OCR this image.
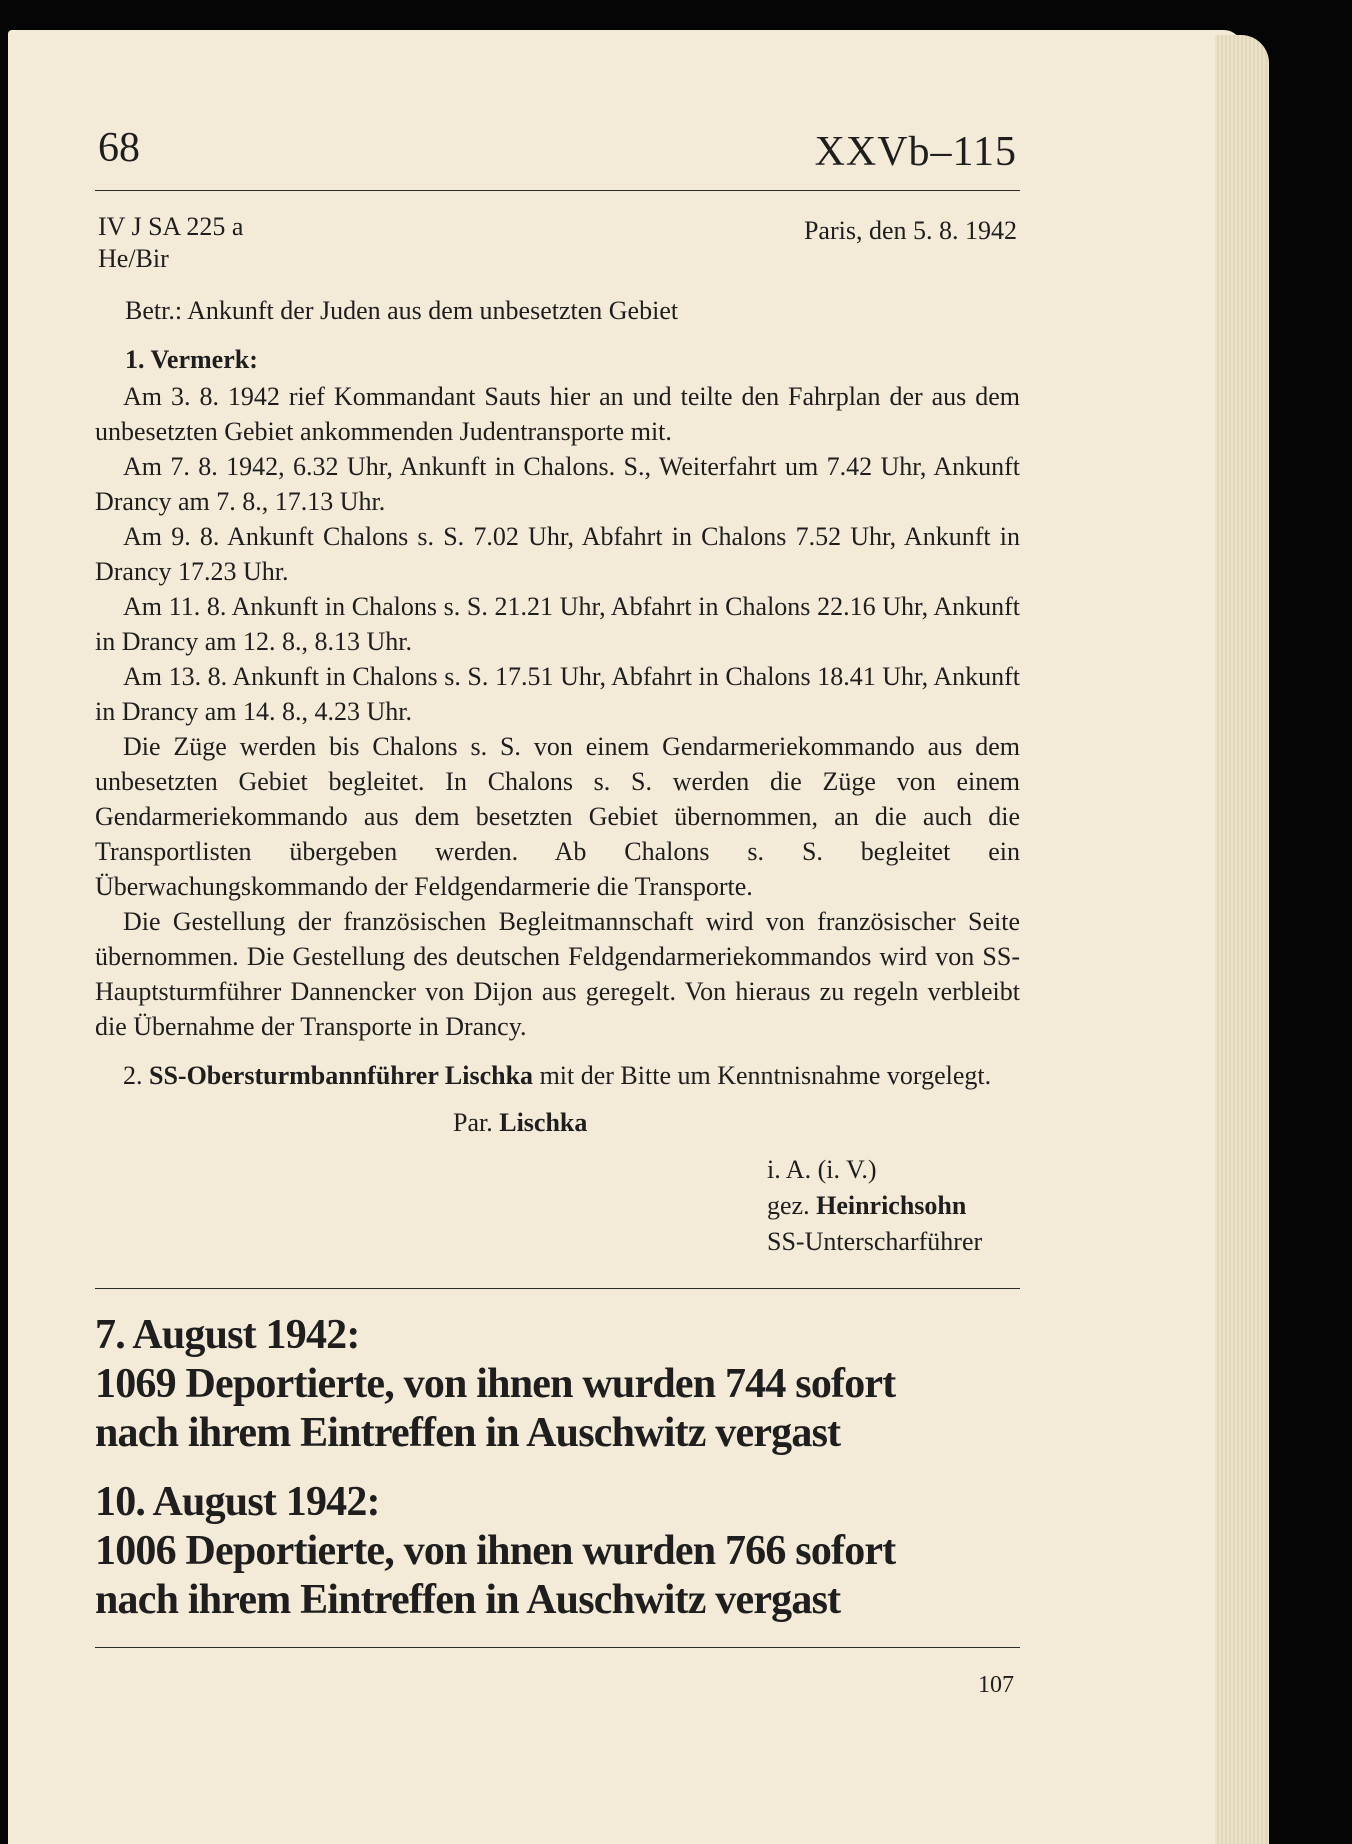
68	XXVb–115
IV J SA 225 a
He/Bir
Paris, den 5. 8. 1942

Betr.: Ankunft der Juden aus dem unbesetzten Gebiet

1. Vermerk:

Am 3. 8. 1942 rief Kommandant Sauts hier an und teilte den Fahrplan der aus dem unbesetzten Gebiet ankommenden Judentransporte mit.

Am 7. 8. 1942, 6.32 Uhr, Ankunft in Chalons. S., Weiterfahrt um 7.42 Uhr, Ankunft Drancy am 7. 8., 17.13 Uhr.

Am 9. 8. Ankunft Chalons s. S. 7.02 Uhr, Abfahrt in Chalons 7.52 Uhr, Ankunft in Drancy 17.23 Uhr.

Am 11. 8. Ankunft in Chalons s. S. 21.21 Uhr, Abfahrt in Chalons 22.16 Uhr, Ankunft in Drancy am 12. 8., 8.13 Uhr.

Am 13. 8. Ankunft in Chalons s. S. 17.51 Uhr, Abfahrt in Chalons 18.41 Uhr, Ankunft in Drancy am 14. 8., 4.23 Uhr.

Die Züge werden bis Chalons s. S. von einem Gendarmeriekommando aus dem unbesetzten Gebiet begleitet. In Chalons s. S. werden die Züge von einem Gendarmeriekommando aus dem besetzten Gebiet übernommen, an die auch die Transportlisten übergeben werden. Ab Chalons s. S. begleitet ein Überwachungskommando der Feldgendarmerie die Transporte.

Die Gestellung der französischen Begleitmannschaft wird von französischer Seite übernommen. Die Gestellung des deutschen Feldgendarmeriekommandos wird von SS-Hauptsturmführer Dannencker von Dijon aus geregelt. Von hieraus zu regeln verbleibt die Übernahme der Transporte in Drancy.

2. SS-Obersturmbannführer Lischka mit der Bitte um Kenntnisnahme vorgelegt.

Par. Lischka

i. A. (i. V.)
gez. Heinrichsohn
SS-Unterscharführer

7. August 1942:

1069 Deportierte, von ihnen wurden 744 sofort

nach ihrem Eintreffen in Auschwitz vergast

10. August 1942:

1006 Deportierte, von ihnen wurden 766 sofort

nach ihrem Eintreffen in Auschwitz vergast

107
